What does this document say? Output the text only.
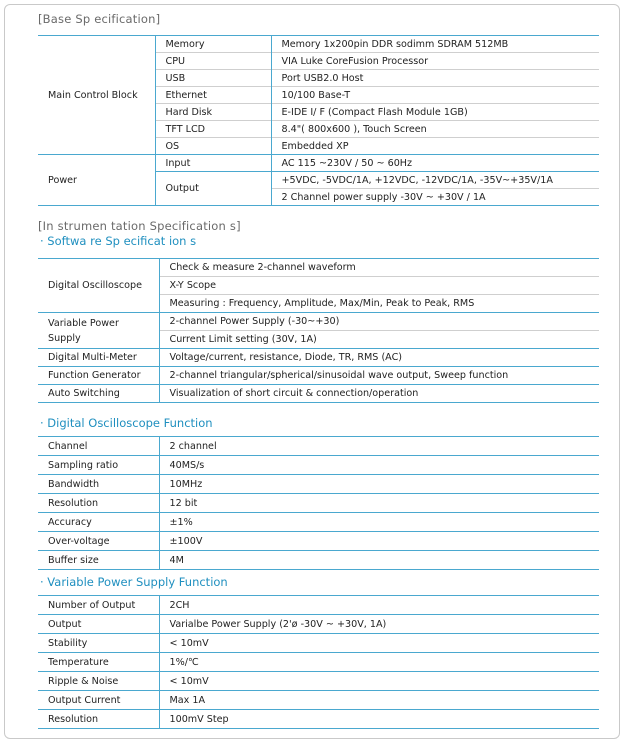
[Base Sp ecification]
Main Control Block	Memory	Memory 1x200pin DDR sodimm SDRAM 512MB
	CPU	VIA Luke CoreFusion Processor
	USB	Port USB2.0 Host
	Ethernet	10/100 Base-T
	Hard Disk	E-IDE I/ F (Compact Flash Module 1GB)
	TFT LCD	8.4"( 800x600 ), Touch Screen
	OS	Embedded XP
Power	Input	AC 115 ~230V / 50 ~ 60Hz
	Output	+5VDC, -5VDC/1A, +12VDC, -12VDC/1A, -35V~+35V/1A
		2 Channel power supply -30V ~ +30V / 1A
[In strumen tation Specification s]
· Softwa re Sp ecificat ion s
Digital Oscilloscope	Check & measure 2-channel waveform
	X-Y Scope
	Measuring : Frequency, Amplitude, Max/Min, Peak to Peak, RMS
Variable Power
Supply	2-channel Power Supply (-30~+30)
	Current Limit setting (30V, 1A)
Digital Multi-Meter	Voltage/current, resistance, Diode, TR, RMS (AC)
Function Generator	2-channel triangular/spherical/sinusoidal wave output, Sweep function
Auto Switching	Visualization of short circuit & connection/operation
· Digital Oscilloscope Function
Channel	2 channel
Sampling ratio	40MS/s
Bandwidth	10MHz
Resolution	12 bit
Accuracy	±1%
Over-voltage	±100V
Buffer size	4M
· Variable Power Supply Function
Number of Output	2CH
Output	Varialbe Power Supply (2'ø -30V ~ +30V, 1A)
Stability	< 10mV
Temperature	1%/℃
Ripple & Noise	< 10mV
Output Current	Max 1A
Resolution	100mV Step
